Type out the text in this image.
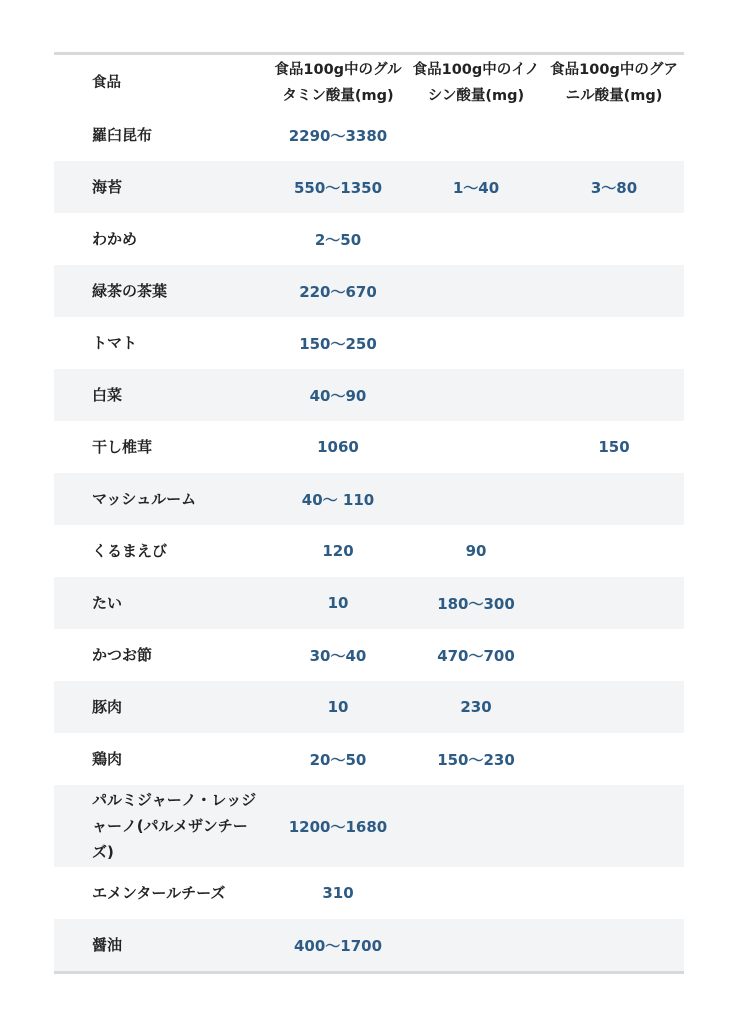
食品	食品100g中のグルタミン酸量(mg)	食品100g中のイノシン酸量(mg)	食品100g中のグアニル酸量(mg)
羅臼昆布	2290〜3380		
海苔	550〜1350	1〜40	3〜80
わかめ	2〜50		
緑茶の茶葉	220〜670		
トマト	150〜250		
白菜	40〜90		
干し椎茸	1060		150
マッシュルーム	40〜 110		
くるまえび	120	90	
たい	10	180〜300	
かつお節	30〜40	470〜700	
豚肉	10	230	
鶏肉	20〜50	150〜230	
パルミジャーノ・レッジャーノ(パルメザンチーズ)	1200〜1680		
エメンタールチーズ	310		
醤油	400〜1700		
